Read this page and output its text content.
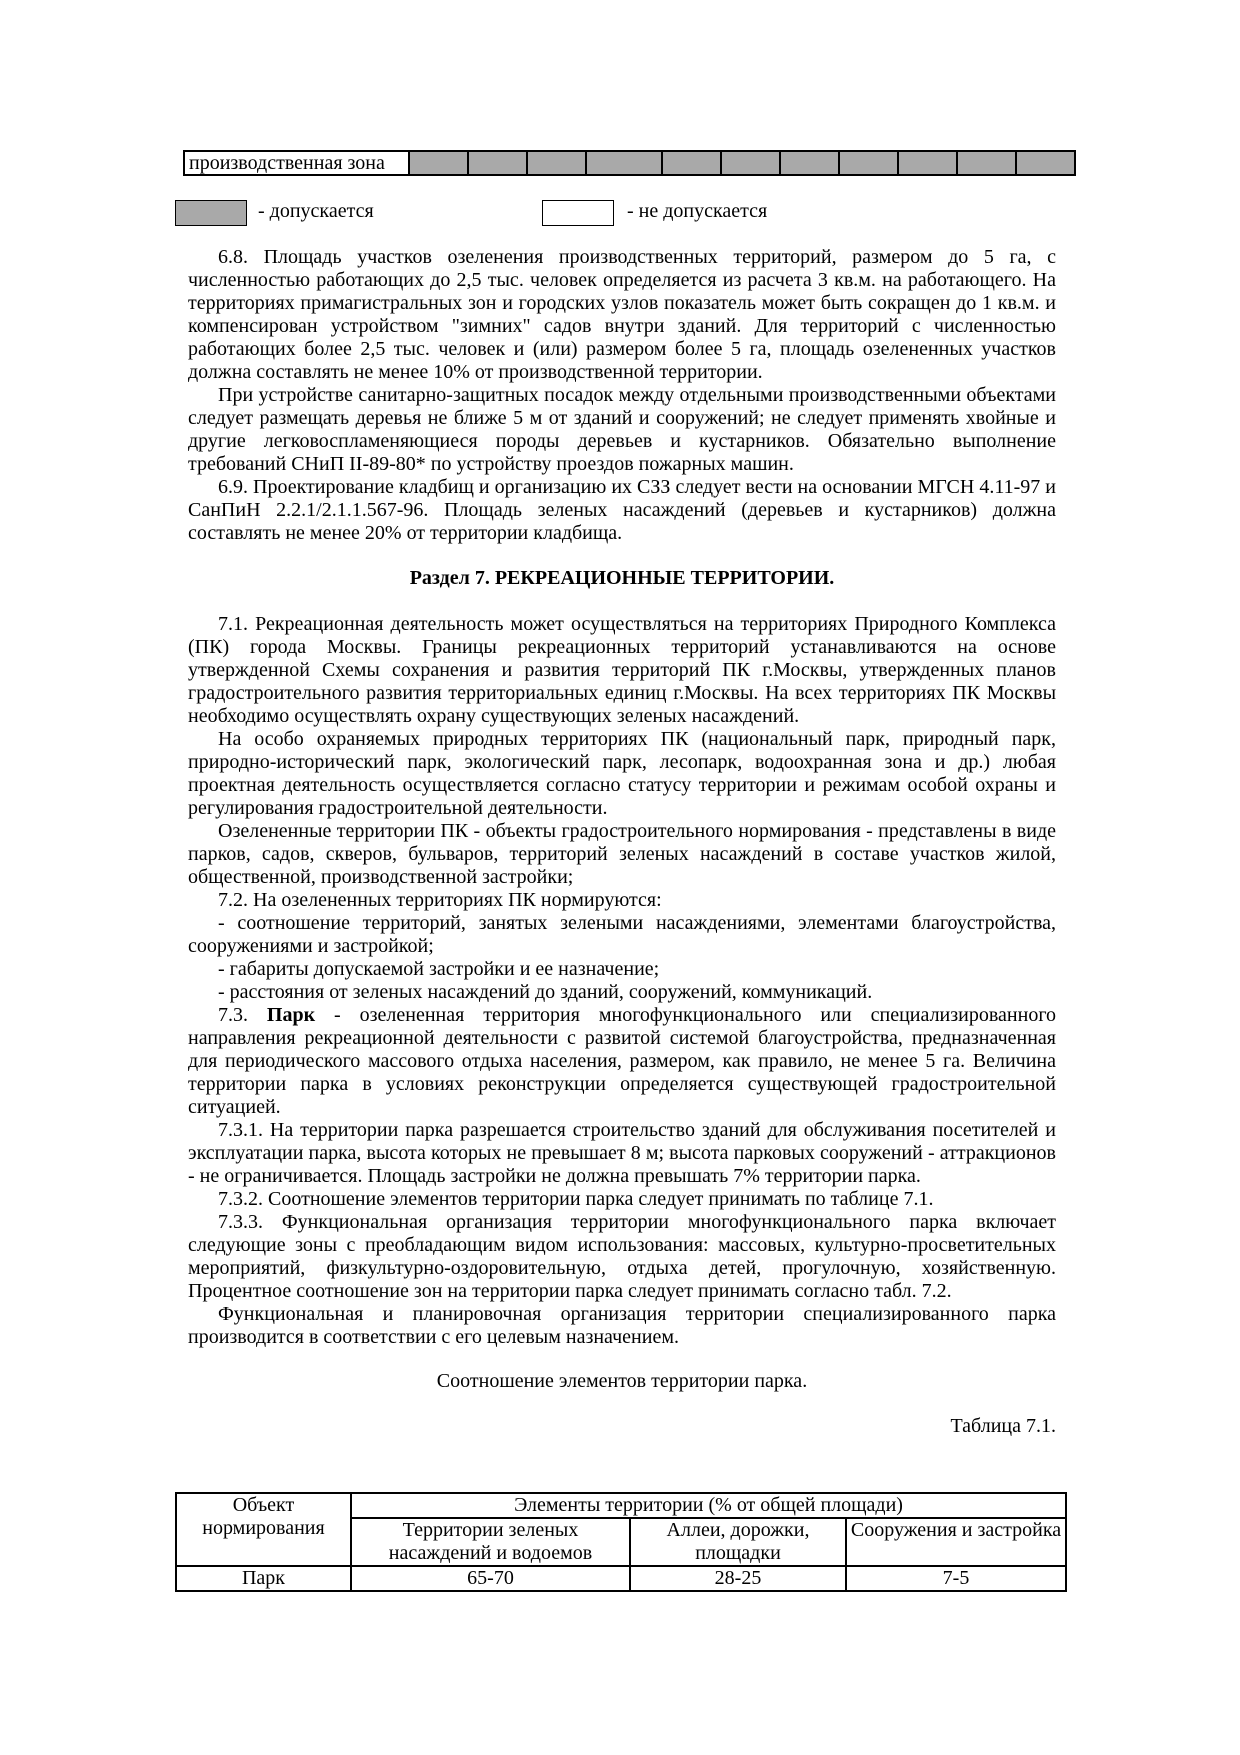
производственная зона											
- допускается	- не допускается

6.8. Площадь участков озеленения производственных территорий, размером до 5 га, с численностью работающих до 2,5 тыс. человек определяется из расчета 3 кв.м. на работающего. На территориях примагистральных зон и городских узлов показатель может быть сокращен до 1 кв.м. и компенсирован устройством "зимних" садов внутри зданий. Для территорий с численностью работающих более 2,5 тыс. человек и (или) размером более 5 га, площадь озелененных участков должна составлять не менее 10% от производственной территории.

При устройстве санитарно-защитных посадок между отдельными производственными объектами следует размещать деревья не ближе 5 м от зданий и сооружений; не следует применять хвойные и другие легковоспламеняющиеся породы деревьев и кустарников. Обязательно выполнение требований СНиП II-89-80* по устройству проездов пожарных машин.

6.9. Проектирование кладбищ и организацию их СЗЗ следует вести на основании МГСН 4.11-97 и СанПиН 2.2.1/2.1.1.567-96. Площадь зеленых насаждений (деревьев и кустарников) должна составлять не менее 20% от территории кладбища.

Раздел 7. РЕКРЕАЦИОННЫЕ ТЕРРИТОРИИ.

7.1. Рекреационная деятельность может осуществляться на территориях Природного Комплекса (ПК) города Москвы. Границы рекреационных территорий устанавливаются на основе утвержденной Схемы сохранения и развития территорий ПК г.Москвы, утвержденных планов градостроительного развития территориальных единиц г.Москвы. На всех территориях ПК Москвы необходимо осуществлять охрану существующих зеленых насаждений.

На особо охраняемых природных территориях ПК (национальный парк, природный парк, природно-исторический парк, экологический парк, лесопарк, водоохранная зона и др.) любая проектная деятельность осуществляется согласно статусу территории и режимам особой охраны и регулирования градостроительной деятельности.

Озелененные территории ПК - объекты градостроительного нормирования - представлены в виде парков, садов, скверов, бульваров, территорий зеленых насаждений в составе участков жилой, общественной, производственной застройки;

7.2. На озелененных территориях ПК нормируются:

- соотношение территорий, занятых зелеными насаждениями, элементами благоустройства, сооружениями и застройкой;

- габариты допускаемой застройки и ее назначение;

- расстояния от зеленых насаждений до зданий, сооружений, коммуникаций.

7.3. Парк - озелененная территория многофункционального или специализированного направления рекреационной деятельности с развитой системой благоустройства, предназначенная для периодического массового отдыха населения, размером, как правило, не менее 5 га. Величина территории парка в условиях реконструкции определяется существующей градостроительной ситуацией.

7.3.1. На территории парка разрешается строительство зданий для обслуживания посетителей и эксплуатации парка, высота которых не превышает 8 м; высота парковых сооружений - аттракционов - не ограничивается. Площадь застройки не должна превышать 7% территории парка.

7.3.2. Соотношение элементов территории парка следует принимать по таблице 7.1.

7.3.3. Функциональная организация территории многофункционального парка включает следующие зоны с преобладающим видом использования: массовых, культурно-просветительных мероприятий, физкультурно-оздоровительную, отдыха детей, прогулочную, хозяйственную. Процентное соотношение зон на территории парка следует принимать согласно табл. 7.2.

Функциональная и планировочная организация территории специализированного парка производится в соответствии с его целевым назначением.

Соотношение элементов территории парка.
Таблица 7.1.
Объект нормирования	Элементы территории (% от общей площади)		
	Территории зеленых насаждений и водоемов	Аллеи, дорожки, площадки	Сооружения и застройка
Парк	65-70	28-25	7-5
